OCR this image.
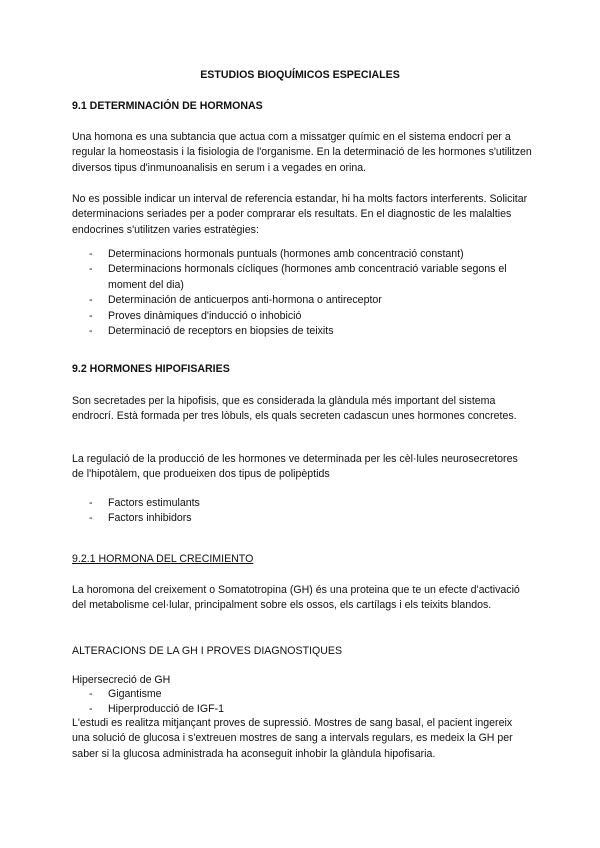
ESTUDIOS BIOQUÍMICOS ESPECIALES

9.1 DETERMINACIÓN DE HORMONAS

Una homona es una subtancia que actua com a missatger químic en el sistema endocrí per a regular la homeostasis i la fisiologia de l'organisme. En la determinació de les hormones s'utilitzen diversos tipus d'inmunoanalisis en serum i a vegades en orina.

No es possible indicar un interval de referencia estandar, hi ha molts factors interferents. Solicitar determinacions seriades per a poder comprarar els resultats. En el diagnostic de les malalties endocrines s'utilitzen varies estratègies:

- Determinacions hormonals puntuals (hormones amb concentració constant)
- Determinacions hormonals cícliques (hormones amb concentració variable segons el moment del dia)
- Determinación de anticuerpos anti-hormona o antireceptor
- Proves dinàmiques d'inducció o inhobició
- Determinació de receptors en biopsies de teixits

9.2 HORMONES HIPOFISARIES

Son secretades per la hipofisis, que es considerada la glàndula més important del sistema endrocrí. Està formada per tres lòbuls, els quals secreten cadascun unes hormones concretes.

La regulació de la producció de les hormones ve determinada per les cèl·lules neurosecretores de l'hipotàlem, que produeixen dos tipus de polipèptids

- Factors estimulants
- Factors inhibidors

9.2.1 HORMONA DEL CRECIMIENTO

La horomona del creixement o Somatotropina (GH) és una proteina que te un efecte d'activació del metabolisme cel·lular, principalment sobre els ossos, els cartílags i els teixits blandos.

ALTERACIONS DE LA GH I PROVES DIAGNOSTIQUES

Hipersecreció de GH

- Gigantisme
- Hiperproducció de IGF-1

L'estudi es realitza mitjançant proves de supressió. Mostres de sang basal, el pacient ingereix una solució de glucosa i s'extreuen mostres de sang a intervals regulars, es medeix la GH per saber si la glucosa administrada ha aconseguit inhobir la glàndula hipofisaria.
